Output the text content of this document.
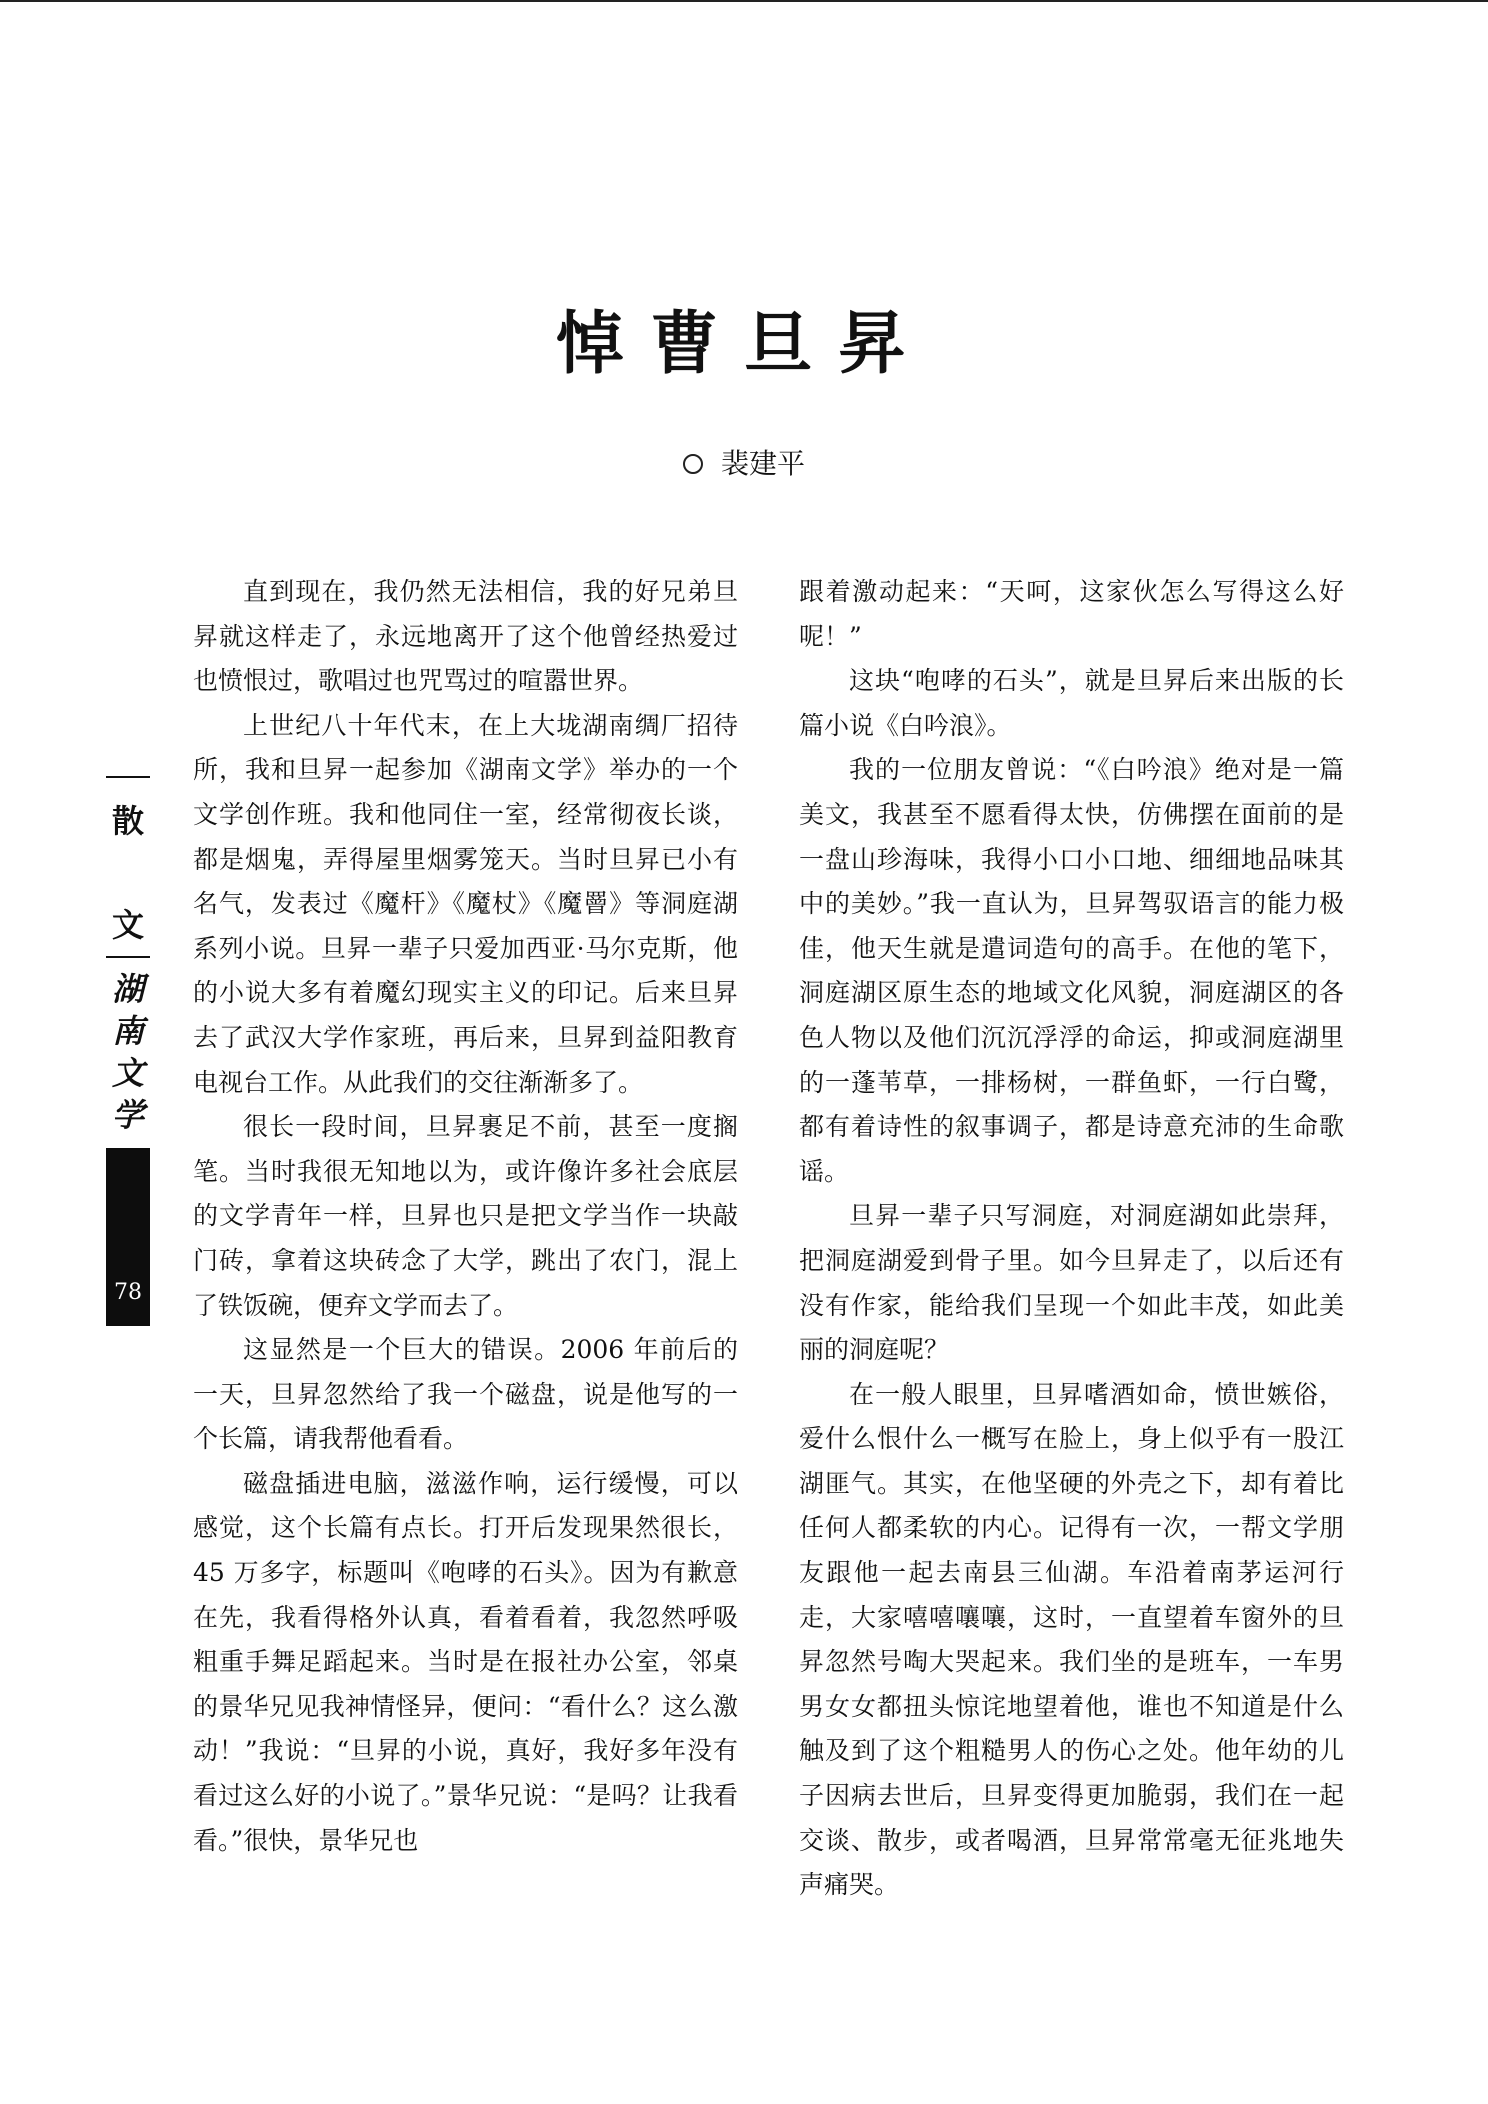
悼曹旦昇
裴建平
散
文
湖
南
文
学
78

直到现在，我仍然无法相信，我的好兄弟旦昇就这样走了，永远地离开了这个他曾经热爱过也愤恨过，歌唱过也咒骂过的喧嚣世界。

上世纪八十年代末，在上大垅湖南绸厂招待所，我和旦昇一起参加《湖南文学》举办的一个文学创作班。我和他同住一室，经常彻夜长谈，都是烟鬼，弄得屋里烟雾笼天。当时旦昇已小有名气，发表过《魔杆》《魔杖》《魔罾》等洞庭湖系列小说。旦昇一辈子只爱加西亚·马尔克斯，他的小说大多有着魔幻现实主义的印记。后来旦昇去了武汉大学作家班，再后来，旦昇到益阳教育电视台工作。从此我们的交往渐渐多了。

很长一段时间，旦昇裹足不前，甚至一度搁笔。当时我很无知地以为，或许像许多社会底层的文学青年一样，旦昇也只是把文学当作一块敲门砖，拿着这块砖念了大学，跳出了农门，混上了铁饭碗，便弃文学而去了。

这显然是一个巨大的错误。2006 年前后的一天，旦昇忽然给了我一个磁盘，说是他写的一个长篇，请我帮他看看。

磁盘插进电脑，滋滋作响，运行缓慢，可以感觉，这个长篇有点长。打开后发现果然很长，45 万多字，标题叫《咆哮的石头》。因为有歉意在先，我看得格外认真，看着看着，我忽然呼吸粗重手舞足蹈起来。当时是在报社办公室，邻桌的景华兄见我神情怪异，便问：“看什么？这么激动！”我说：“旦昇的小说，真好，我好多年没有看过这么好的小说了。”景华兄说：“是吗？让我看看。”很快，景华兄也

跟着激动起来：“天呵，这家伙怎么写得这么好呢！”

这块“咆哮的石头”，就是旦昇后来出版的长篇小说《白吟浪》。

我的一位朋友曾说：“《白吟浪》绝对是一篇美文，我甚至不愿看得太快，仿佛摆在面前的是一盘山珍海味，我得小口小口地、细细地品味其中的美妙。”我一直认为，旦昇驾驭语言的能力极佳，他天生就是遣词造句的高手。在他的笔下，洞庭湖区原生态的地域文化风貌，洞庭湖区的各色人物以及他们沉沉浮浮的命运，抑或洞庭湖里的一蓬苇草，一排杨树，一群鱼虾，一行白鹭，都有着诗性的叙事调子，都是诗意充沛的生命歌谣。

旦昇一辈子只写洞庭，对洞庭湖如此崇拜，把洞庭湖爱到骨子里。如今旦昇走了，以后还有没有作家，能给我们呈现一个如此丰茂，如此美丽的洞庭呢？

在一般人眼里，旦昇嗜酒如命，愤世嫉俗，爱什么恨什么一概写在脸上，身上似乎有一股江湖匪气。其实，在他坚硬的外壳之下，却有着比任何人都柔软的内心。记得有一次，一帮文学朋友跟他一起去南县三仙湖。车沿着南茅运河行走，大家嘻嘻嚷嚷，这时，一直望着车窗外的旦昇忽然号啕大哭起来。我们坐的是班车，一车男男女女都扭头惊诧地望着他，谁也不知道是什么触及到了这个粗糙男人的伤心之处。他年幼的儿子因病去世后，旦昇变得更加脆弱，我们在一起交谈、散步，或者喝酒，旦昇常常毫无征兆地失声痛哭。
